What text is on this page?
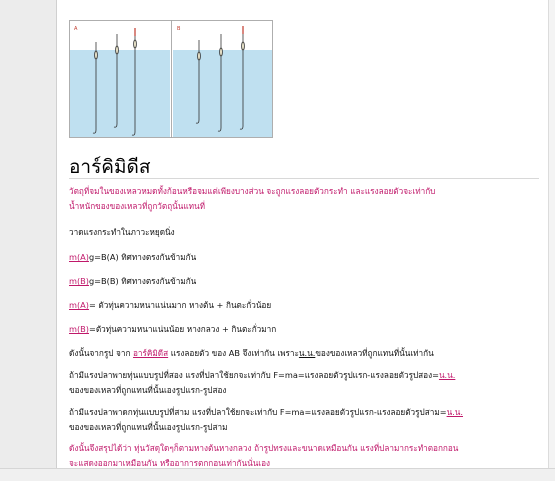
A	B
อาร์คิมิดีส
วัตถุที่จมในของเหลวหมดทั้งก้อนหรือจมแต่เพียงบางส่วน จะถูกแรงลอยตัวกระทำ และแรงลอยตัวจะเท่ากับ
น้ำหนักของของเหลวที่ถูกวัตถุนั้นแทนที่
วาดแรงกระทำในภาวะหยุดนิ่ง
m(A)g=B(A) ทิศทางตรงกันข้ามกัน
m(B)g=B(B) ทิศทางตรงกันข้ามกัน
m(A)= ตัวทุ่นความหนาแน่นมาก หางต้น + กินตะกั่วน้อย
m(B)=ตัวทุ่นความหนาแน่นน้อย หางกลวง + กินตะกั่วมาก
ดังนั้นจากรูป จาก อาร์คิมิดีส แรงลอยตัว ของ AB จึงเท่ากัน เพราะน.น.ของของเหลวที่ถูกแทนที่นั้นเท่ากัน
ถ้ามีแรงปลาพายทุ่นแบบรูปที่สอง แรงที่ปลาใช้ยกจะเท่ากับ F=ma=แรงลอยตัวรูปแรก-แรงลอยตัวรูปสอง=น.น.
ของของเหลวที่ถูกแทนที่นั้นเองรูปแรก-รูปสอง
ถ้ามีแรงปลาพาดกทุ่นแบบรูปที่สาม แรงที่ปลาใช้ยกจะเท่ากับ F=ma=แรงลอยตัวรูปแรก-แรงลอยตัวรูปสาม=น.น.
ของของเหลวที่ถูกแทนที่นั้นเองรูปแรก-รูปสาม
ดังนั้นจึงสรุปได้ว่า ทุ่นวัสดุใดๆก็ตามหางต้นหางกลวง ถ้ารูปทรงและขนาดเหมือนกัน แรงที่ปลามากระทำตอกกอน
จะแสดงออกมาเหมือนกัน หรืออาการตกกอนเท่ากันนั่นเอง
